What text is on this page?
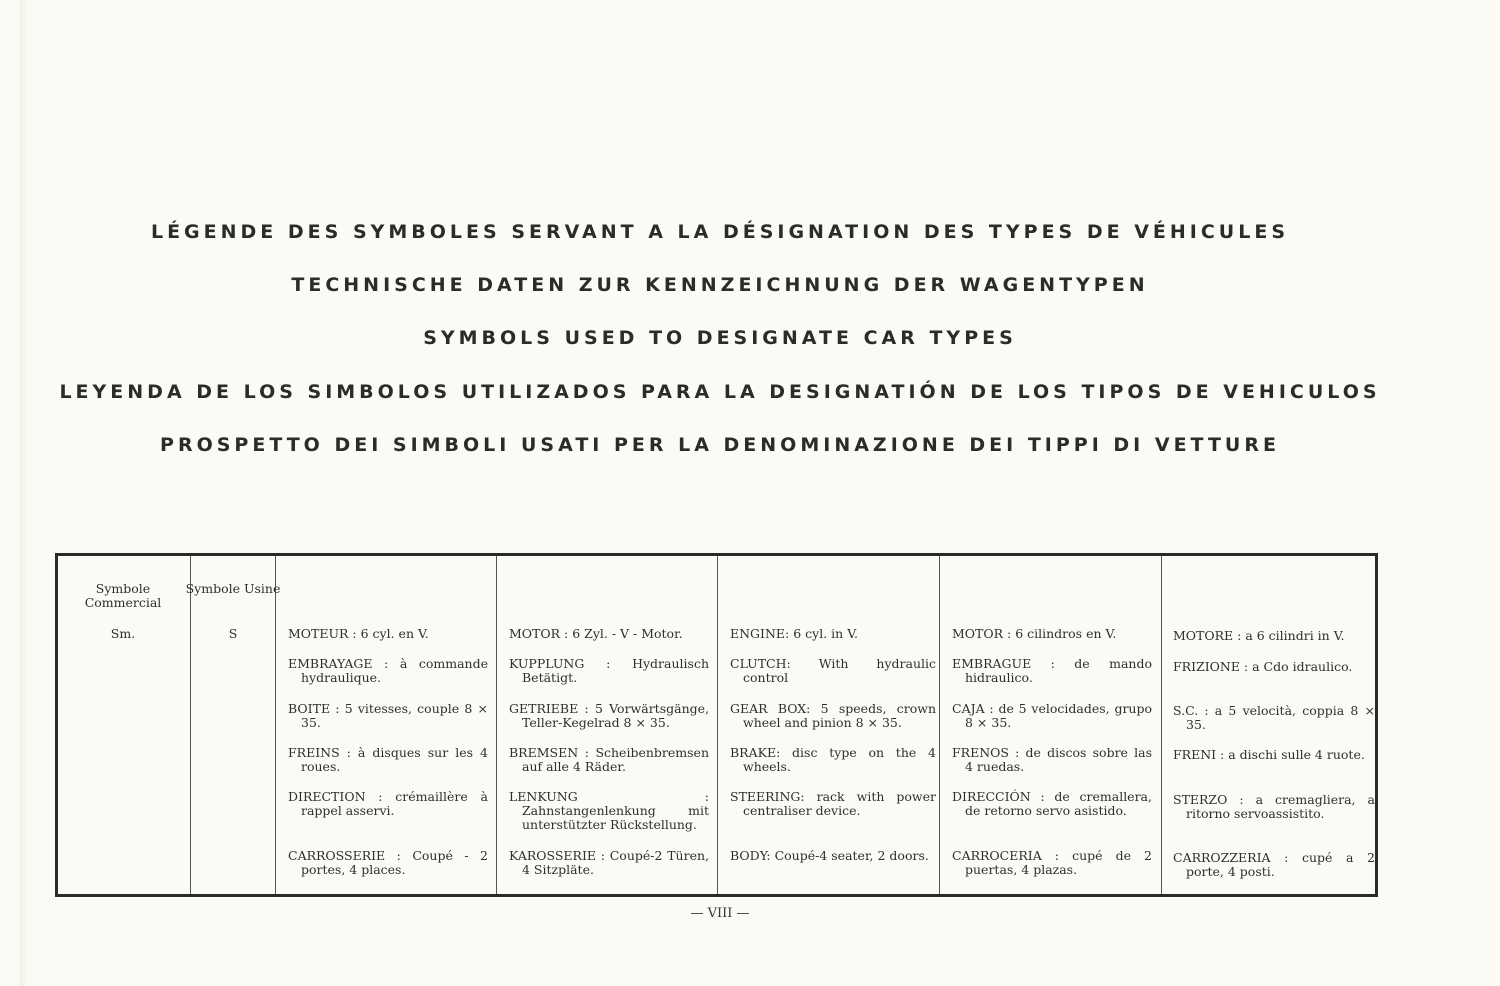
LÉGENDE DES SYMBOLES SERVANT A LA DÉSIGNATION DES TYPES DE VÉHICULES
TECHNISCHE DATEN ZUR KENNZEICHNUNG DER WAGENTYPEN
SYMBOLS USED TO DESIGNATE CAR TYPES
LEYENDA DE LOS SIMBOLOS UTILIZADOS PARA LA DESIGNATIÓN DE LOS TIPOS DE VEHICULOS
PROSPETTO DEI SIMBOLI USATI PER LA DENOMINAZIONE DEI TIPPI DI VETTURE
Symbole Commercial
Symbole Usine
Sm.	S	MOTEUR : 6 cyl. en V.
EMBRAYAGE : à commande hydraulique.
BOITE : 5 vitesses, couple 8 × 35.
FREINS : à disques sur les 4 roues.
DIRECTION : crémaillère à rappel asservi.
CARROSSERIE : Coupé - 2 portes, 4 places.
MOTOR : 6 Zyl. - V - Motor.
KUPPLUNG : Hydraulisch Betätigt.
GETRIEBE : 5 Vorwärtsgänge, Teller-Kegelrad 8 × 35.
BREMSEN : Scheibenbremsen auf alle 4 Räder.
LENKUNG : Zahnstangenlenkung mit unterstützter Rückstellung.
KAROSSERIE : Coupé-2 Türen, 4 Sitzpläte.
ENGINE: 6 cyl. in V.
CLUTCH: With hydraulic control
GEAR BOX: 5 speeds, crown wheel and pinion 8 × 35.
BRAKE: disc type on the 4 wheels.
STEERING: rack with power centraliser device.
BODY: Coupé-4 seater, 2 doors.
MOTOR : 6 cilindros en V.
EMBRAGUE : de mando hidraulico.
CAJA : de 5 velocidades, grupo 8 × 35.
FRENOS : de discos sobre las 4 ruedas.
DIRECCIÓN : de cremallera, de retorno servo asistido.
CARROCERIA : cupé de 2 puertas, 4 plazas.
MOTORE : a 6 cilindri in V.
FRIZIONE : a Cdo idraulico.
S.C. : a 5 velocità, coppia 8 × 35.
FRENI : a dischi sulle 4 ruote.
STERZO : a cremagliera, a ritorno servoassistito.
CARROZZERIA : cupé a 2 porte, 4 posti.
— VIII —
